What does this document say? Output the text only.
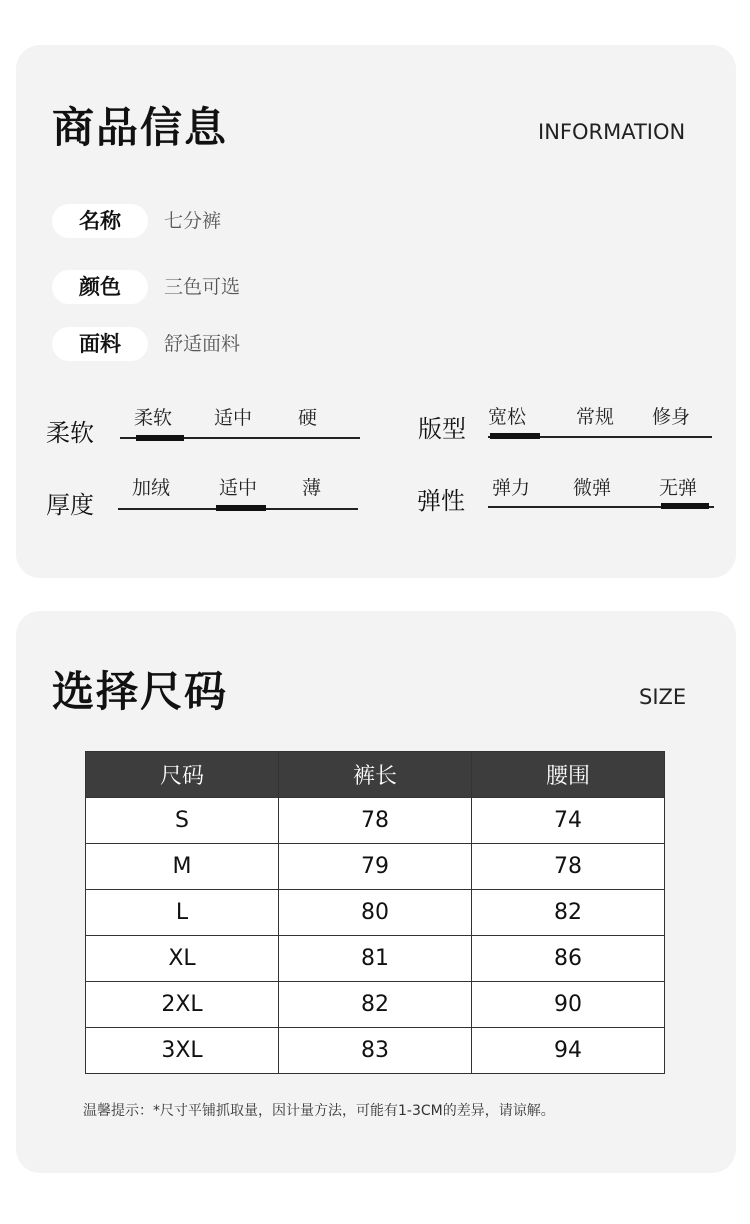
商品信息	INFORMATION
名称	七分裤
颜色	三色可选
面料	舒适面料
柔软
柔软 适中 硬
厚度
加绒	适中 薄
版型 宽松	常规 修身
弹性 弹力 微弹	无弹
选择尺码	SIZE
尺码	裤长	腰围
S	78	74
M	79	78
L	80	82
XL	81	86
2XL	82	90
3XL	83	94
温馨提示：*尺寸平铺抓取量，因计量方法，可能有1-3CM的差异，请谅解。
